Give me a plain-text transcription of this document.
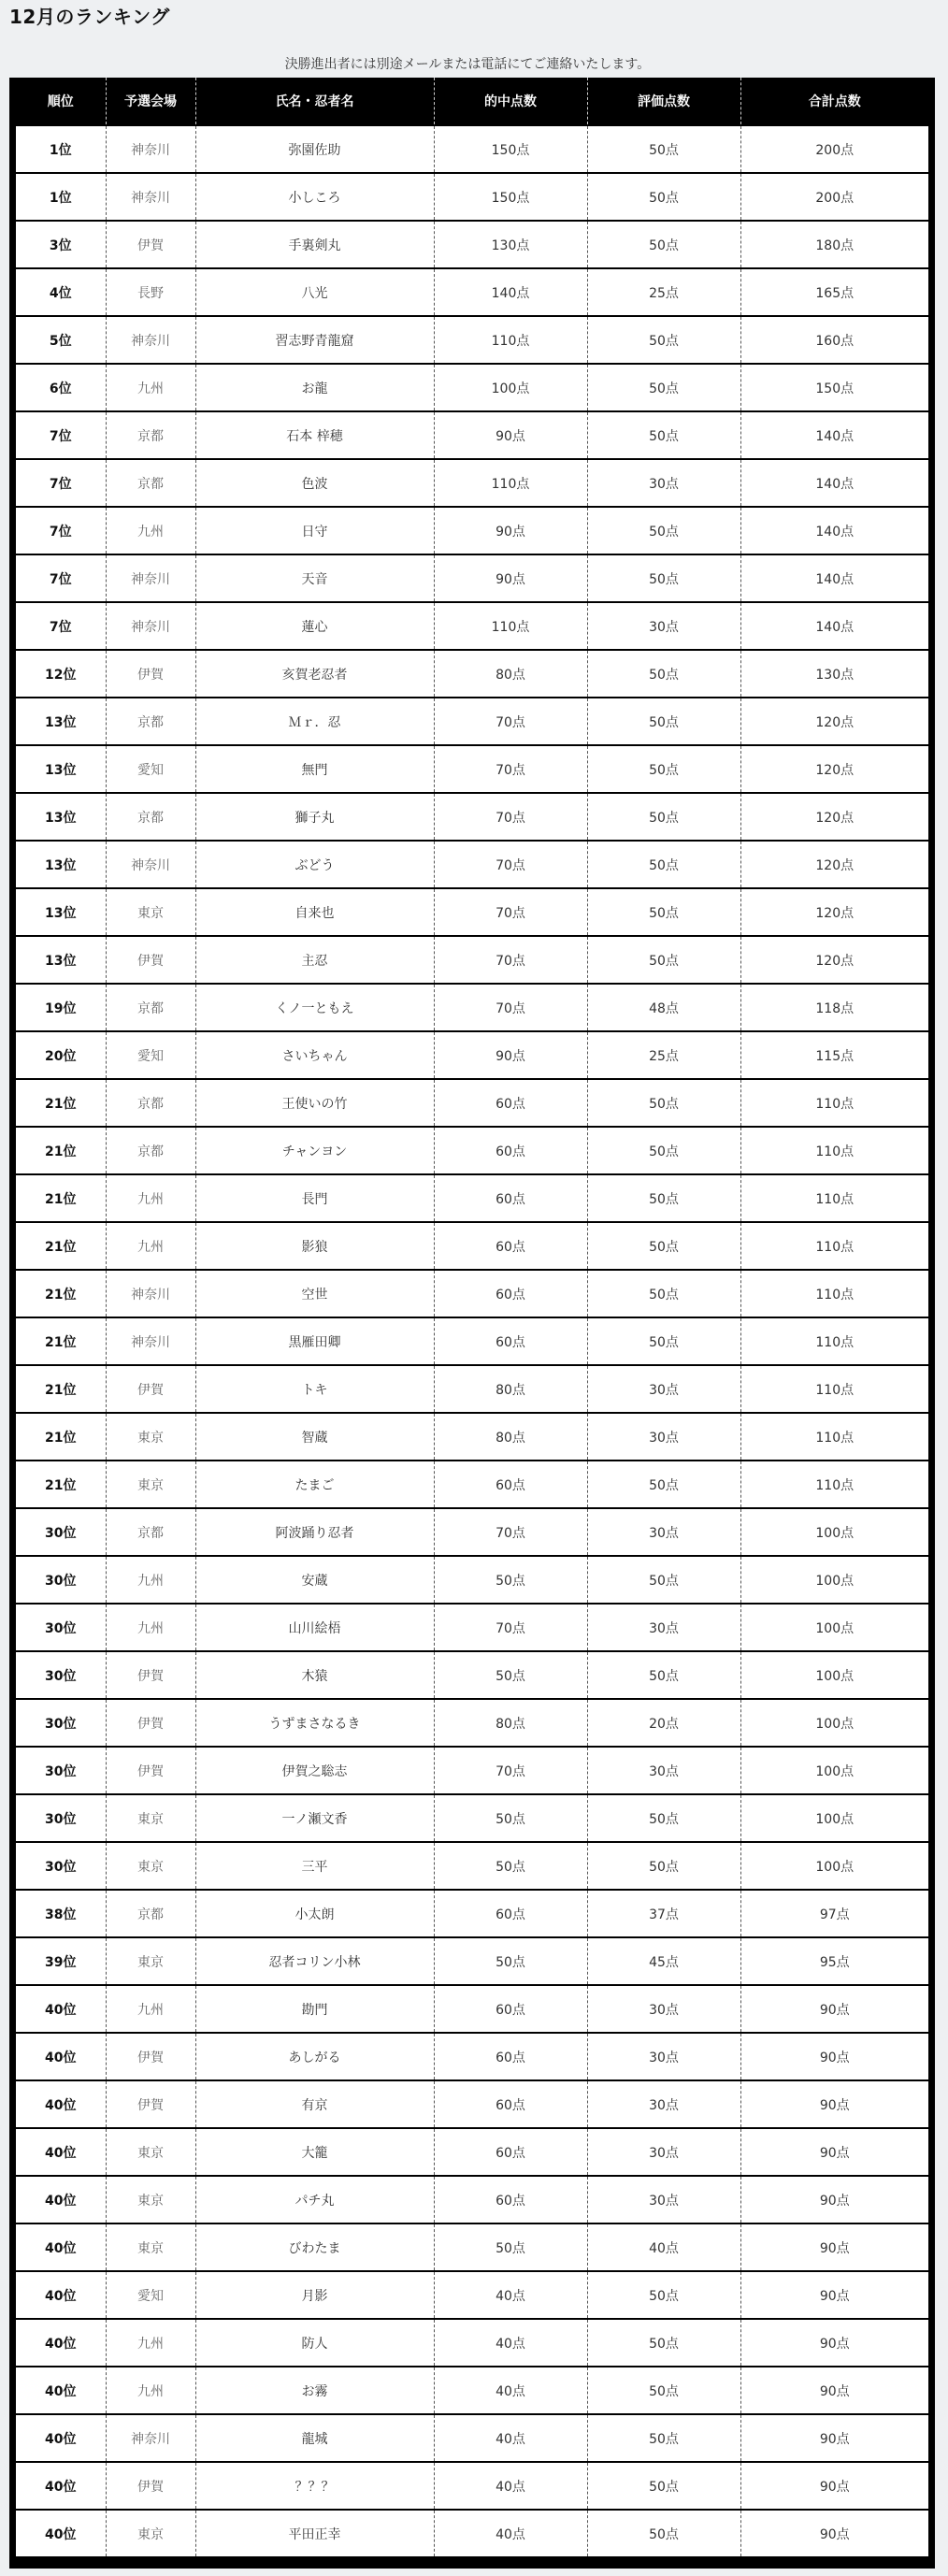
12月のランキング
決勝進出者には別途メールまたは電話にてご連絡いたします。
順位	予選会場	氏名・忍者名	的中点数	評価点数	合計点数
1位	神奈川	弥園佐助	150点	50点	200点
1位	神奈川	小しころ	150点	50点	200点
3位	伊賀	手裏剣丸	130点	50点	180点
4位	長野	八光	140点	25点	165点
5位	神奈川	習志野青龍窟	110点	50点	160点
6位	九州	お龍	100点	50点	150点
7位	京都	石本 梓穂	90点	50点	140点
7位	京都	色波	110点	30点	140点
7位	九州	日守	90点	50点	140点
7位	神奈川	天音	90点	50点	140点
7位	神奈川	蓮心	110点	30点	140点
12位	伊賀	亥賀老忍者	80点	50点	130点
13位	京都	Ｍｒ．忍	70点	50点	120点
13位	愛知	無門	70点	50点	120点
13位	京都	獅子丸	70点	50点	120点
13位	神奈川	ぶどう	70点	50点	120点
13位	東京	自来也	70点	50点	120点
13位	伊賀	主忍	70点	50点	120点
19位	京都	くノ一ともえ	70点	48点	118点
20位	愛知	さいちゃん	90点	25点	115点
21位	京都	王使いの竹	60点	50点	110点
21位	京都	チャンヨン	60点	50点	110点
21位	九州	長門	60点	50点	110点
21位	九州	影狼	60点	50点	110点
21位	神奈川	空世	60点	50点	110点
21位	神奈川	黒雁田卿	60点	50点	110点
21位	伊賀	トキ	80点	30点	110点
21位	東京	智蔵	80点	30点	110点
21位	東京	たまご	60点	50点	110点
30位	京都	阿波踊り忍者	70点	30点	100点
30位	九州	安蔵	50点	50点	100点
30位	九州	山川絵梧	70点	30点	100点
30位	伊賀	木猿	50点	50点	100点
30位	伊賀	うずまさなるき	80点	20点	100点
30位	伊賀	伊賀之聡志	70点	30点	100点
30位	東京	一ノ瀬文香	50点	50点	100点
30位	東京	三平	50点	50点	100点
38位	京都	小太朗	60点	37点	97点
39位	東京	忍者コリン小林	50点	45点	95点
40位	九州	勘門	60点	30点	90点
40位	伊賀	あしがる	60点	30点	90点
40位	伊賀	有京	60点	30点	90点
40位	東京	大籠	60点	30点	90点
40位	東京	パチ丸	60点	30点	90点
40位	東京	びわたま	50点	40点	90点
40位	愛知	月影	40点	50点	90点
40位	九州	防人	40点	50点	90点
40位	九州	お霧	40点	50点	90点
40位	神奈川	龍城	40点	50点	90点
40位	伊賀	？？？	40点	50点	90点
40位	東京	平田正幸	40点	50点	90点
